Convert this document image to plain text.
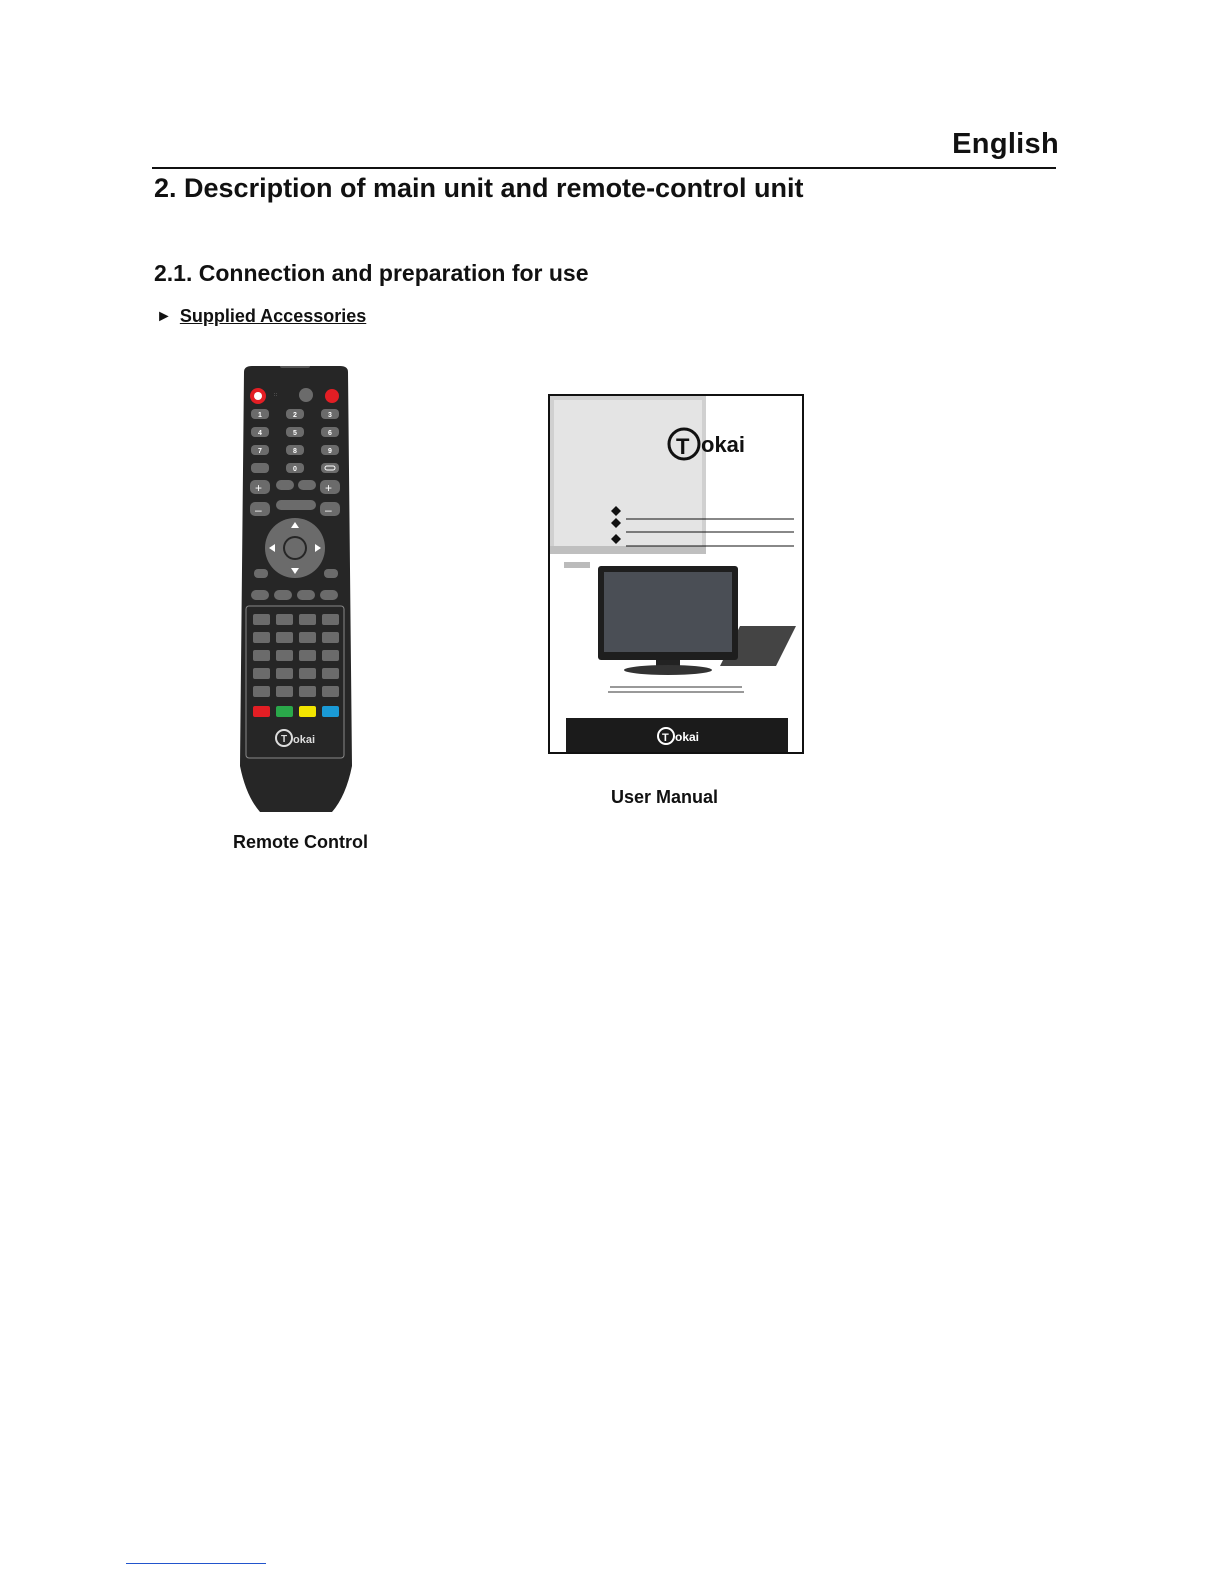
English
2. Description of main unit and remote-control unit
2.1. Connection and preparation for use
► Supplied Accessories
∷
1	2	3
4	5	6
7	8	9
0
+	+
–	–
T okai
Remote Control
T okai
T okai
User Manual
